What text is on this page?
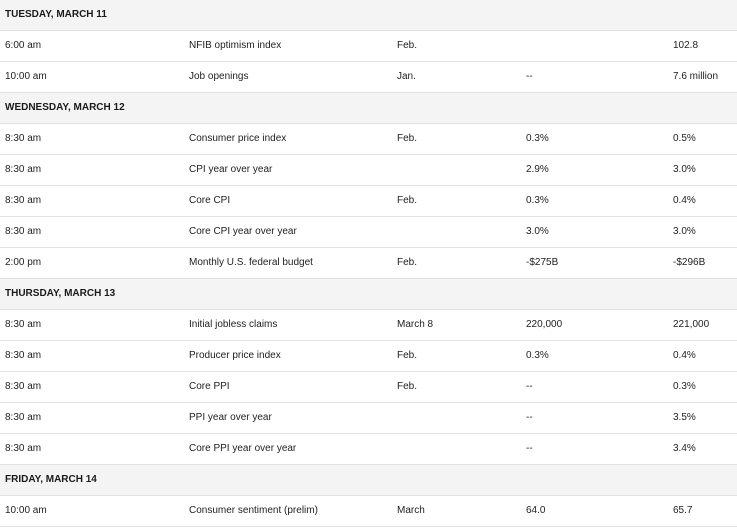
TUESDAY, MARCH 11				
6:00 am	NFIB optimism index	Feb.		102.8
10:00 am	Job openings	Jan.	--	7.6 million
WEDNESDAY, MARCH 12				
8:30 am	Consumer price index	Feb.	0.3%	0.5%
8:30 am	CPI year over year		2.9%	3.0%
8:30 am	Core CPI	Feb.	0.3%	0.4%
8:30 am	Core CPI year over year		3.0%	3.0%
2:00 pm	Monthly U.S. federal budget	Feb.	-$275B	-$296B
THURSDAY, MARCH 13				
8:30 am	Initial jobless claims	March 8	220,000	221,000
8:30 am	Producer price index	Feb.	0.3%	0.4%
8:30 am	Core PPI	Feb.	--	0.3%
8:30 am	PPI year over year		--	3.5%
8:30 am	Core PPI year over year		--	3.4%
FRIDAY, MARCH 14				
10:00 am	Consumer sentiment (prelim)	March	64.0	65.7
